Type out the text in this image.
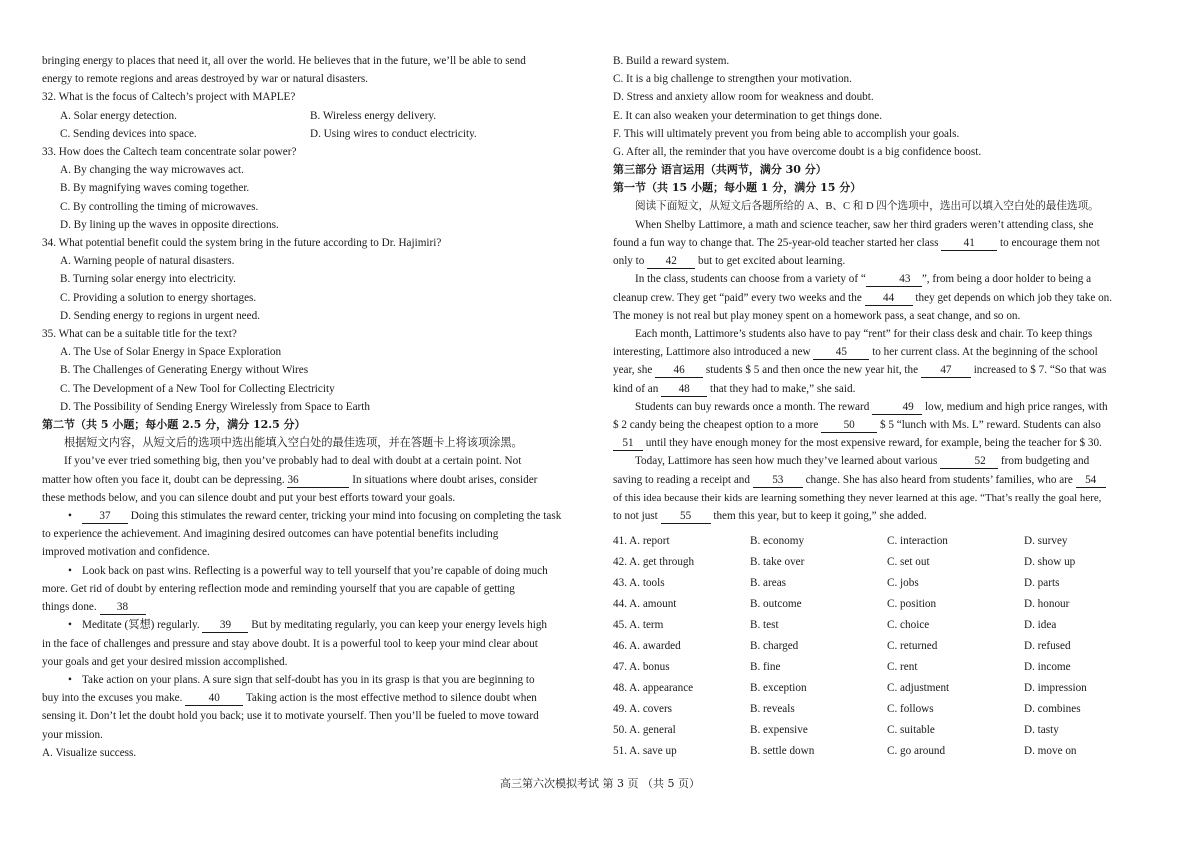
bringing energy to places that need it, all over the world. He believes that in the future, we’ll be able to send

energy to remote regions and areas destroyed by war or natural disasters.

32. What is the focus of Caltech’s project with MAPLE?

A. Solar energy detection.	B. Wireless energy delivery.
C. Sending devices into space.	D. Using wires to conduct electricity.

33. How does the Caltech team concentrate solar power?

A. By changing the way microwaves act.

B. By magnifying waves coming together.

C. By controlling the timing of microwaves.

D. By lining up the waves in opposite directions.

34. What potential benefit could the system bring in the future according to Dr. Hajimiri?

A. Warning people of natural disasters.

B. Turning solar energy into electricity.

C. Providing a solution to energy shortages.

D. Sending energy to regions in urgent need.

35. What can be a suitable title for the text?

A. The Use of Solar Energy in Space Exploration

B. The Challenges of Generating Energy without Wires

C. The Development of a New Tool for Collecting Electricity

D. The Possibility of Sending Energy Wirelessly from Space to Earth

第二节（共 5 小题；每小题 2.5 分，满分 12.5 分）

根据短文内容，从短文后的选项中选出能填入空白处的最佳选项，并在答题卡上将该项涂黑。

If you’ve ever tried something big, then you’ve probably had to deal with doubt at a certain point. Not

matter how often you face it, doubt can be depressing. 36	In situations where doubt arises, consider

these methods below, and you can silence doubt and put your best efforts toward your goals.

• 37 Doing this stimulates the reward center, tricking your mind into focusing on completing the task

to experience the achievement. And imagining desired outcomes can have potential benefits including

improved motivation and confidence.

• Look back on past wins. Reflecting is a powerful way to tell yourself that you’re capable of doing much

more. Get rid of doubt by entering reflection mode and reminding yourself that you are capable of getting

things done. 38

• Meditate (冥想) regularly. 39 But by meditating regularly, you can keep your energy levels high

in the face of challenges and pressure and stay above doubt. It is a powerful tool to keep your mind clear about

your goals and get your desired mission accomplished.

• Take action on your plans. A sure sign that self-doubt has you in its grasp is that you are beginning to

buy into the excuses you make. 40 Taking action is the most effective method to silence doubt when

sensing it. Don’t let the doubt hold you back; use it to motivate yourself. Then you’ll be fueled to move toward

your mission.

A. Visualize success.

B. Build a reward system.

C. It is a big challenge to strengthen your motivation.

D. Stress and anxiety allow room for weakness and doubt.

E. It can also weaken your determination to get things done.

F. This will ultimately prevent you from being able to accomplish your goals.

G. After all, the reminder that you have overcome doubt is a big confidence boost.

第三部分 语言运用（共两节，满分 30 分）

第一节（共 15 小题；每小题 1 分，满分 15 分）

阅读下面短文，从短文后各题所给的 A、B、C 和 D 四个选项中，选出可以填入空白处的最佳选项。

When Shelby Lattimore, a math and science teacher, saw her third graders weren’t attending class, she

found a fun way to change that. The 25-year-old teacher started her class 41 to encourage them not

only to 42 but to get excited about learning.

In the class, students can choose from a variety of “	43 ”, from being a door holder to being a

cleanup crew. They get “paid” every two weeks and the 44 they get depends on which job they take on.

The money is not real but play money spent on a homework pass, a seat change, and so on.

Each month, Lattimore’s students also have to pay “rent” for their class desk and chair. To keep things

interesting, Lattimore also introduced a new 45 to her current class. At the beginning of the school

year, she 46 students $ 5 and then once the new year hit, the 47 increased to $ 7. “So that was

kind of an 48 that they had to make,” she said.

Students can buy rewards once a month. The reward	49 low, medium and high price ranges, with

$ 2 candy being the cheapest option to a more 50 $ 5 “lunch with Ms. L” reward. Students can also

51 until they have enough money for the most expensive reward, for example, being the teacher for $ 30.

Today, Lattimore has seen how much they’ve learned about various	52 from budgeting and

saving to reading a receipt and 53 change. She has also heard from students’ families, who are 54

of this idea because their kids are learning something they never learned at this age. “That’s really the goal here,

to not just 55 them this year, but to keep it going,” she added.

41. A. report	B. economy	C. interaction	D. survey
42. A. get through	B. take over	C. set out	D. show up
43. A. tools	B. areas	C. jobs	D. parts
44. A. amount	B. outcome	C. position	D. honour
45. A. term	B. test	C. choice	D. idea
46. A. awarded	B. charged	C. returned	D. refused
47. A. bonus	B. fine	C. rent	D. income
48. A. appearance	B. exception	C. adjustment	D. impression
49. A. covers	B. reveals	C. follows	D. combines
50. A. general	B. expensive	C. suitable	D. tasty
51. A. save up	B. settle down	C. go around	D. move on
高三第六次模拟考试 第 3 页 （共 5 页）
